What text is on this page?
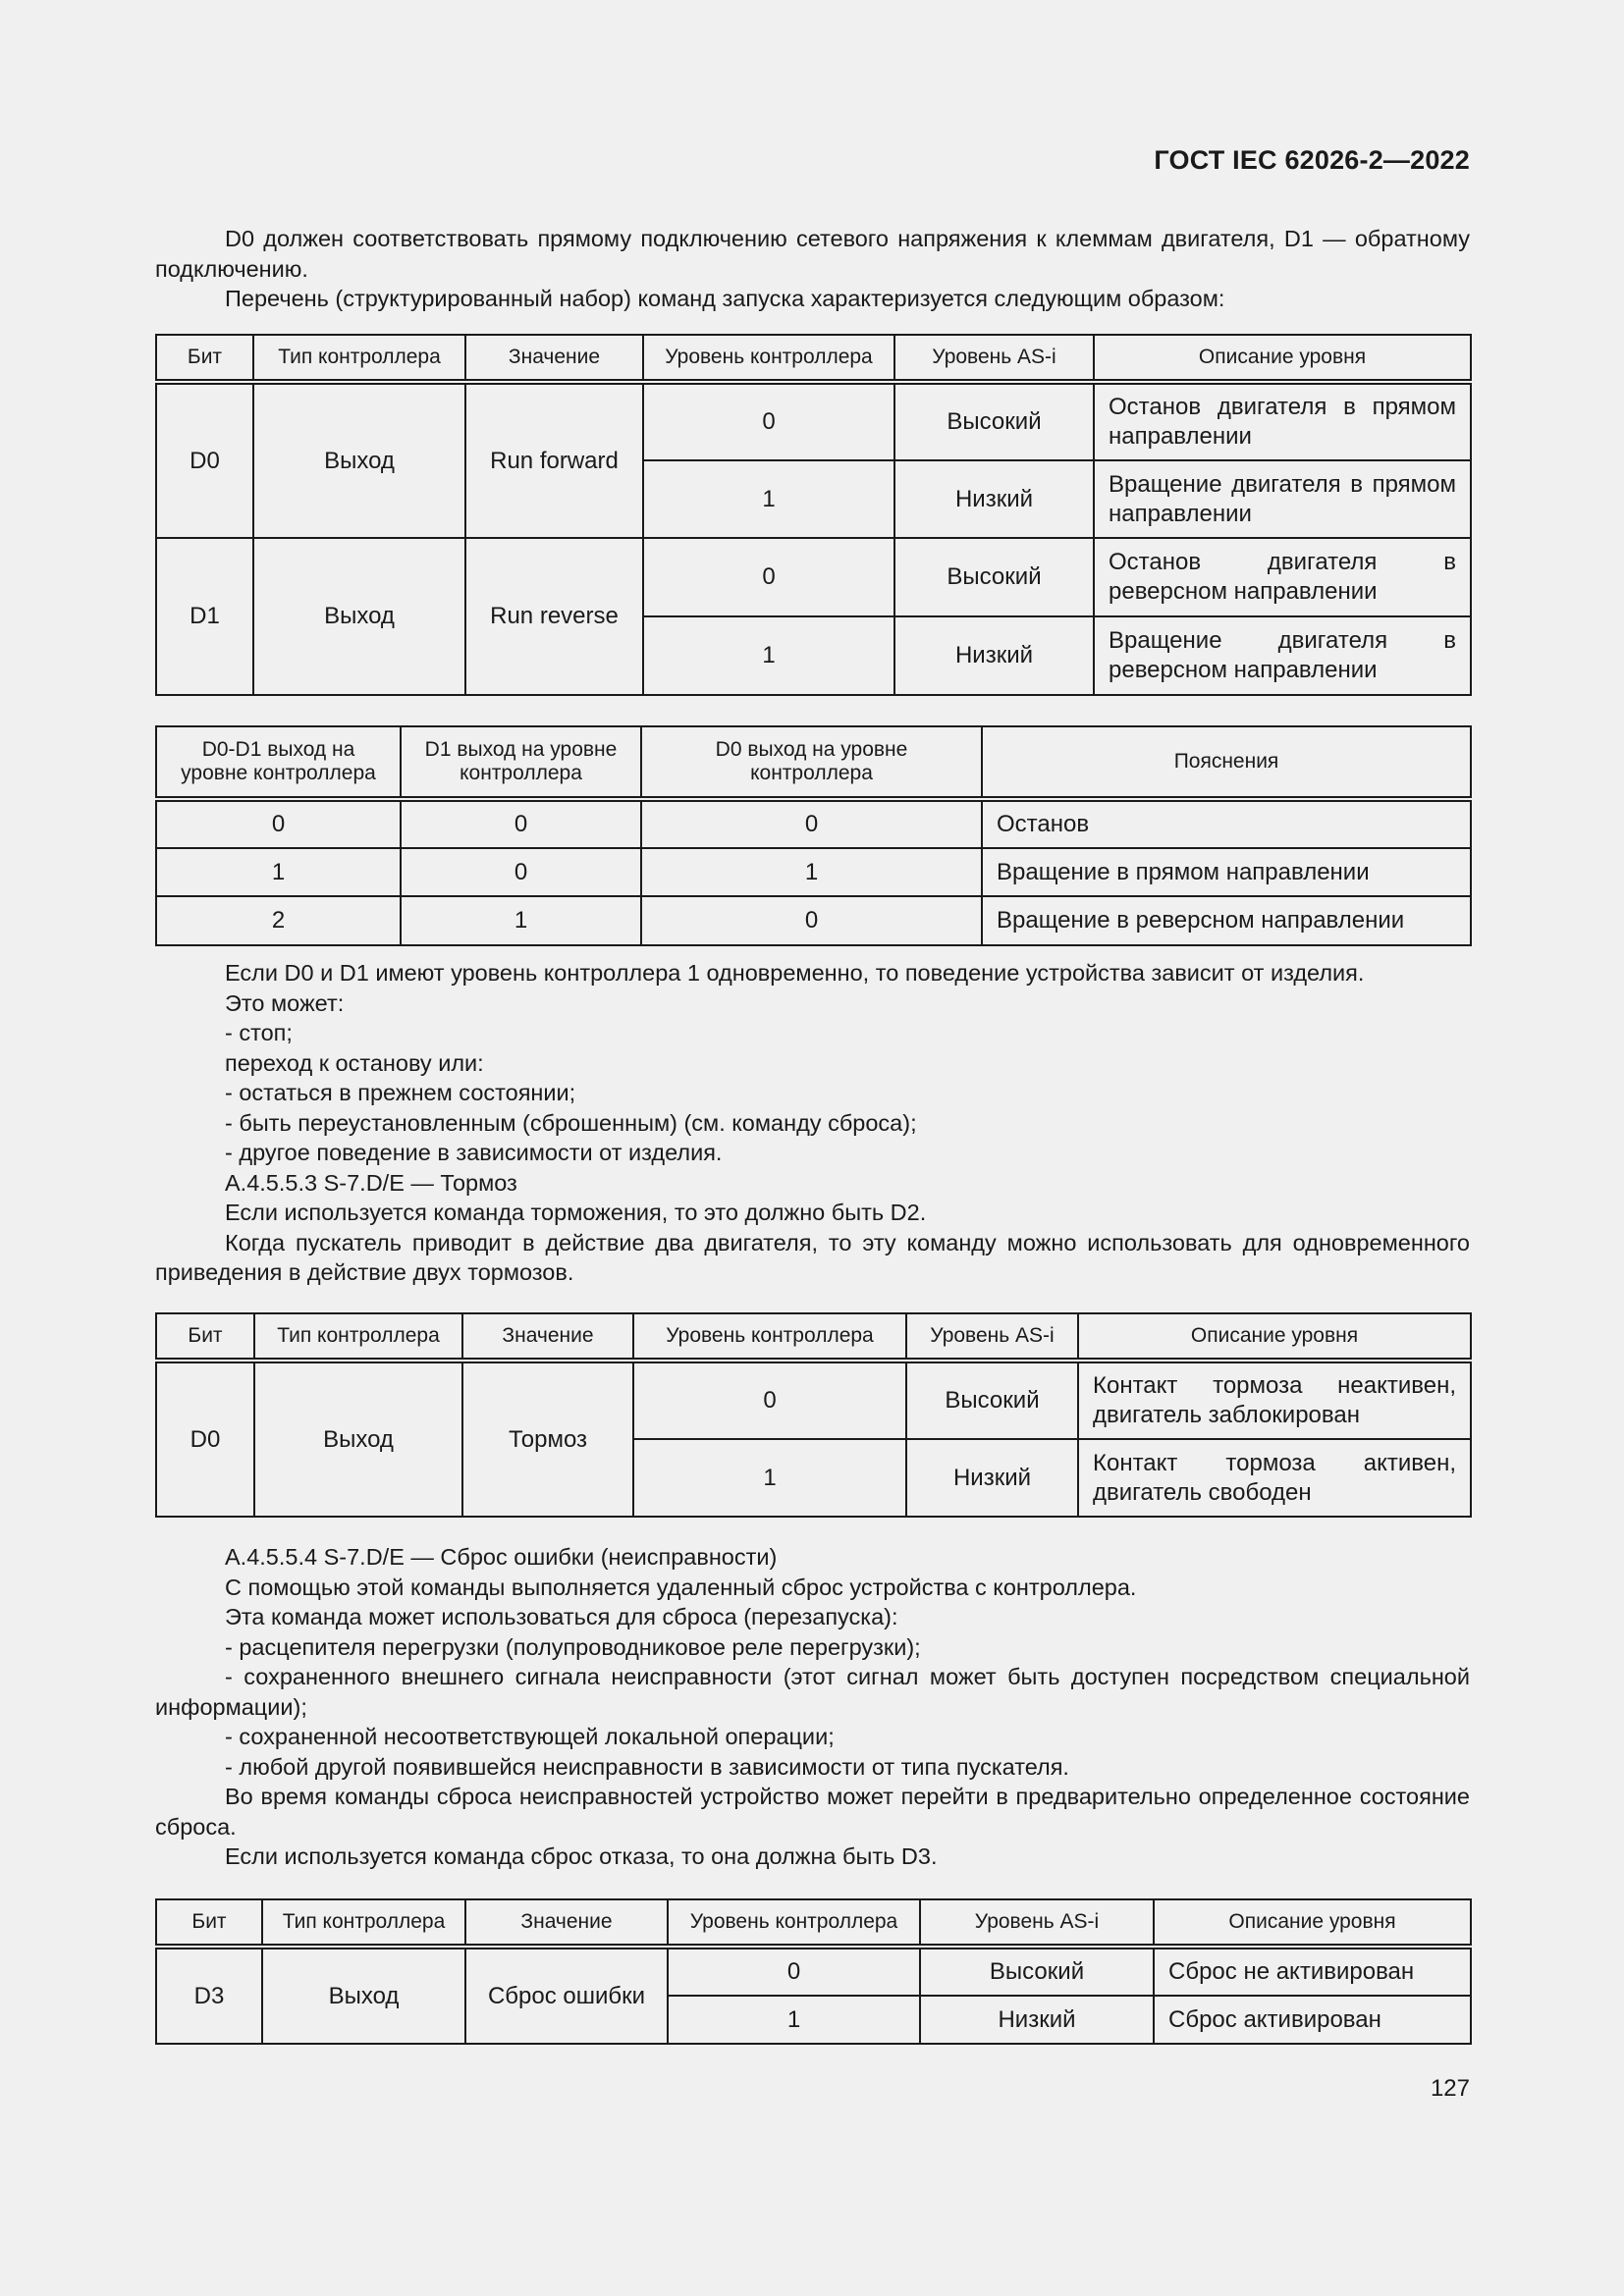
ГОСТ IEC 62026-2—2022

D0 должен соответствовать прямому подключению сетевого напряжения к клеммам двигателя, D1 — обратному подключению.

Перечень (структурированный набор) команд запуска характеризуется следующим образом:

Бит	Тип контроллера	Значение	Уровень контроллера	Уровень AS-i	Описание уровня
D0	Выход	Run forward	0	Высокий	Останов двигателя в прямом направлении
			1	Низкий	Вращение двигателя в прямом направлении
D1	Выход	Run reverse	0	Высокий	Останов двигателя в реверсном направлении
			1	Низкий	Вращение двигателя в реверсном направлении
D0-D1 выход на уровне контроллера	D1 выход на уровне контроллера	D0 выход на уровне контроллера	Пояснения
0	0	0	Останов
1	0	1	Вращение в прямом направлении
2	1	0	Вращение в реверсном направлении

Если D0 и D1 имеют уровень контроллера 1 одновременно, то поведение устройства зависит от изделия.

Это может:

- стоп;

переход к останову или:

- остаться в прежнем состоянии;

- быть переустановленным (сброшенным) (см. команду сброса);

- другое поведение в зависимости от изделия.

А.4.5.5.3 S-7.D/E — Тормоз

Если используется команда торможения, то это должно быть D2.

Когда пускатель приводит в действие два двигателя, то эту команду можно использовать для одновременного приведения в действие двух тормозов.

Бит	Тип контроллера	Значение	Уровень контроллера	Уровень AS-i	Описание уровня
D0	Выход	Тормоз	0	Высокий	Контакт тормоза неактивен, двигатель заблокирован
			1	Низкий	Контакт тормоза активен, двигатель свободен

А.4.5.5.4 S-7.D/E — Сброс ошибки (неисправности)

С помощью этой команды выполняется удаленный сброс устройства с контроллера.

Эта команда может использоваться для сброса (перезапуска):

- расцепителя перегрузки (полупроводниковое реле перегрузки);

- сохраненного внешнего сигнала неисправности (этот сигнал может быть доступен посредством специальной информации);

- сохраненной несоответствующей локальной операции;

- любой другой появившейся неисправности в зависимости от типа пускателя.

Во время команды сброса неисправностей устройство может перейти в предварительно определенное состояние сброса.

Если используется команда сброс отказа, то она должна быть D3.

Бит	Тип контроллера	Значение	Уровень контроллера	Уровень AS-i	Описание уровня
D3	Выход	Сброс ошибки	0	Высокий	Сброс не активирован
			1	Низкий	Сброс активирован
127
